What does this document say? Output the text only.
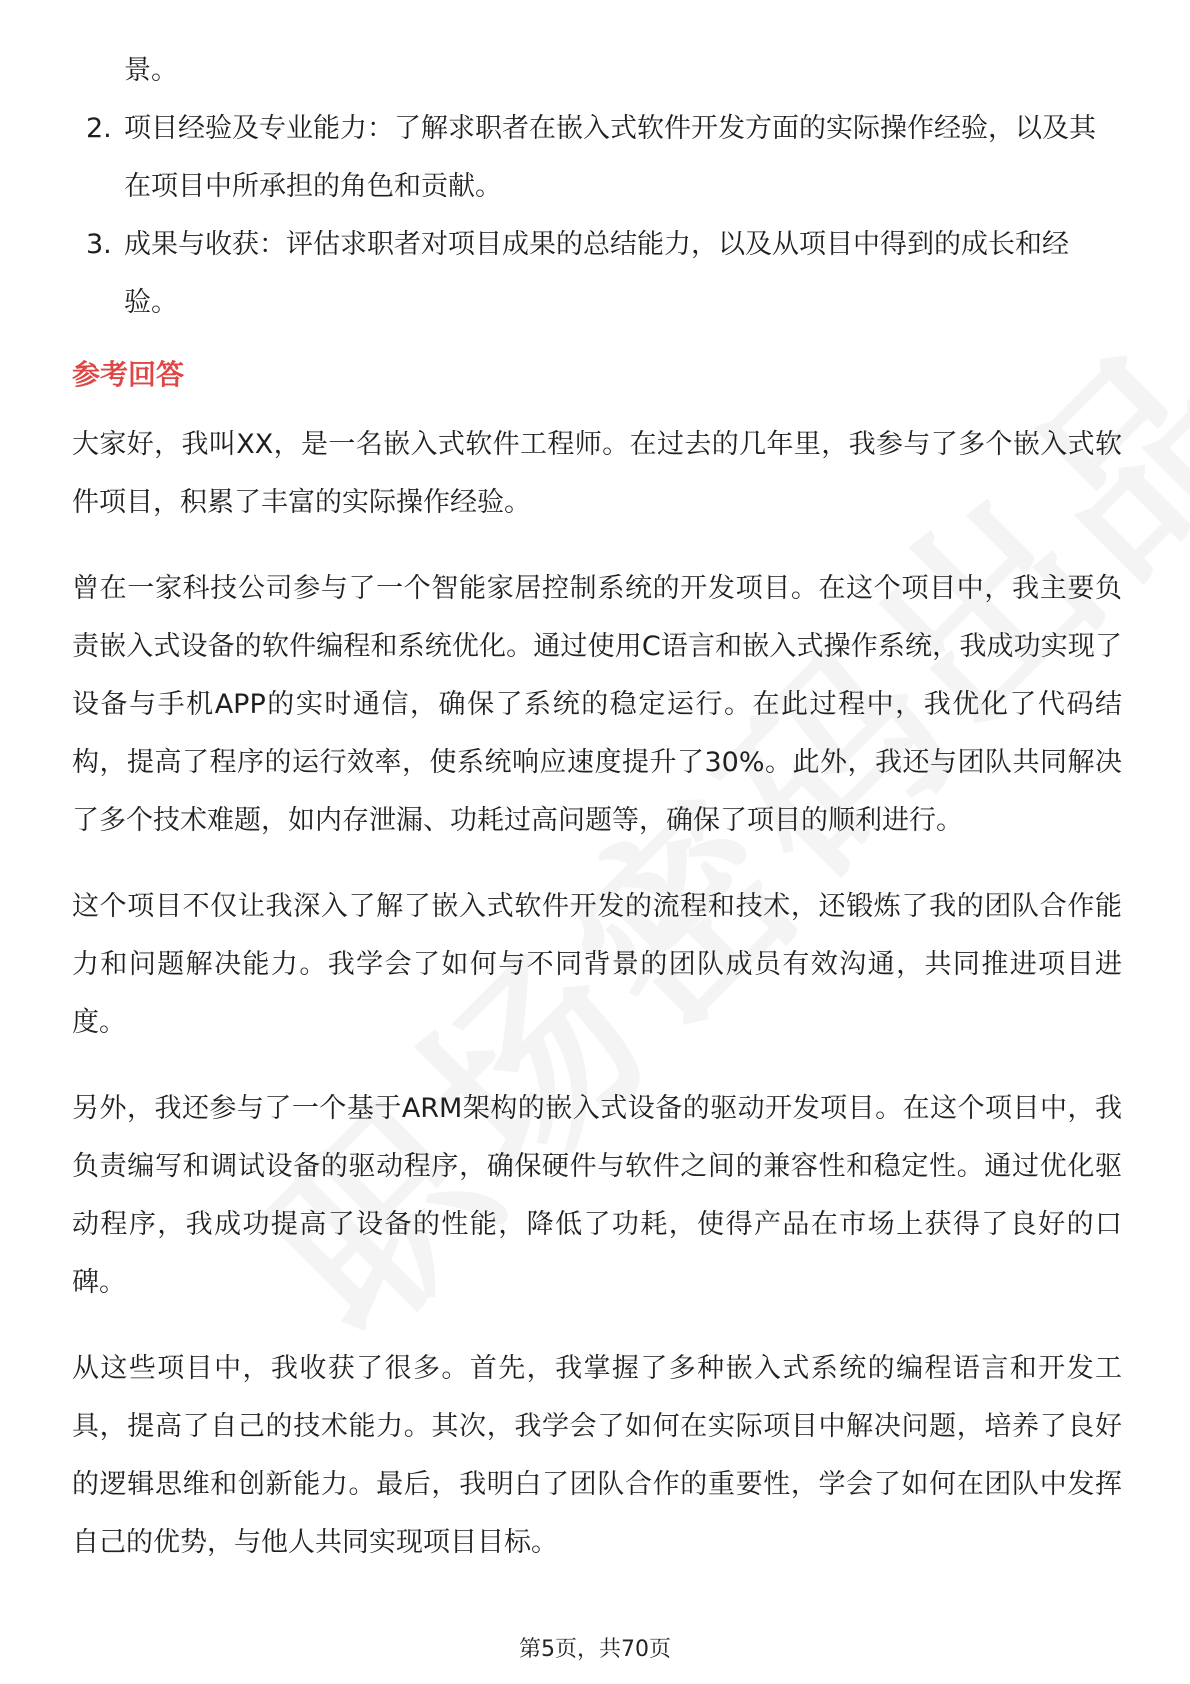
景。
2. 项目经验及专业能力：了解求职者在嵌入式软件开发方面的实际操作经验，以及其在项目中所承担的角色和贡献。
3. 成果与收获：评估求职者对项目成果的总结能力，以及从项目中得到的成长和经验。
参考回答
大家好，我叫XX，是一名嵌入式软件工程师。在过去的几年里，我参与了多个嵌入式软件项目，积累了丰富的实际操作经验。
曾在一家科技公司参与了一个智能家居控制系统的开发项目。在这个项目中，我主要负责嵌入式设备的软件编程和系统优化。通过使用C语言和嵌入式操作系统，我成功实现了设备与手机APP的实时通信，确保了系统的稳定运行。在此过程中，我优化了代码结构，提高了程序的运行效率，使系统响应速度提升了30%。此外，我还与团队共同解决了多个技术难题，如内存泄漏、功耗过高问题等，确保了项目的顺利进行。
这个项目不仅让我深入了解了嵌入式软件开发的流程和技术，还锻炼了我的团队合作能力和问题解决能力。我学会了如何与不同背景的团队成员有效沟通，共同推进项目进度。
另外，我还参与了一个基于ARM架构的嵌入式设备的驱动开发项目。在这个项目中，我负责编写和调试设备的驱动程序，确保硬件与软件之间的兼容性和稳定性。通过优化驱动程序，我成功提高了设备的性能，降低了功耗，使得产品在市场上获得了良好的口碑。
从这些项目中，我收获了很多。首先，我掌握了多种嵌入式系统的编程语言和开发工具，提高了自己的技术能力。其次，我学会了如何在实际项目中解决问题，培养了良好的逻辑思维和创新能力。最后，我明白了团队合作的重要性，学会了如何在团队中发挥自己的优势，与他人共同实现项目目标。
第5页，共70页
